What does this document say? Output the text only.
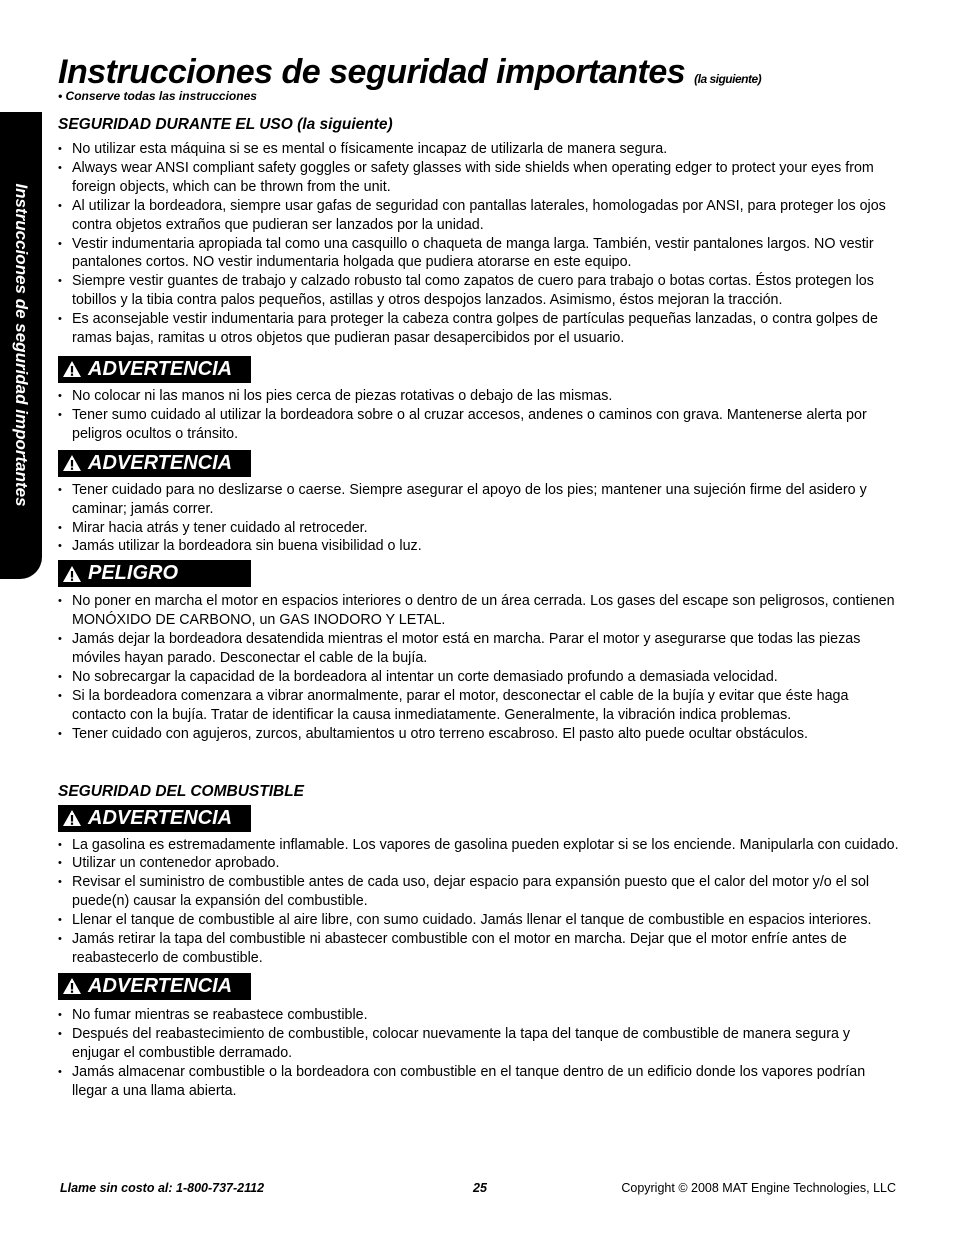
Instrucciones de seguridad importantes
Instrucciones de seguridad importantes (la siguiente)
• Conserve todas las instrucciones
SEGURIDAD DURANTE EL USO (la siguiente)
• No utilizar esta máquina si se es mental o físicamente incapaz de utilizarla de manera segura.
• Always wear ANSI compliant safety goggles or safety glasses with side shields when operating edger to protect your eyes from foreign objects, which can be thrown from the unit.
• Al utilizar la bordeadora, siempre usar gafas de seguridad con pantallas laterales, homologadas por ANSI, para proteger los ojos contra objetos extraños que pudieran ser lanzados por la unidad.
• Vestir indumentaria apropiada tal como una casquillo o chaqueta de manga larga. También, vestir pantalones largos. NO vestir pantalones cortos. NO vestir indumentaria holgada que pudiera atorarse en este equipo.
• Siempre vestir guantes de trabajo y calzado robusto tal como zapatos de cuero para trabajo o botas cortas. Éstos protegen los tobillos y la tibia contra palos pequeños, astillas y otros despojos lanzados. Asimismo, éstos mejoran la tracción.
• Es aconsejable vestir indumentaria para proteger la cabeza contra golpes de partículas pequeñas lanzadas, o contra golpes de ramas bajas, ramitas u otros objetos que pudieran pasar desapercibidos por el usuario.
ADVERTENCIA
• No colocar ni las manos ni los pies cerca de piezas rotativas o debajo de las mismas.
• Tener sumo cuidado al utilizar la bordeadora sobre o al cruzar accesos, andenes o caminos con grava. Mantenerse alerta por peligros ocultos o tránsito.
ADVERTENCIA
• Tener cuidado para no deslizarse o caerse. Siempre asegurar el apoyo de los pies; mantener una sujeción firme del asidero y caminar; jamás correr.
• Mirar hacia atrás y tener cuidado al retroceder.
• Jamás utilizar la bordeadora sin buena visibilidad o luz.
PELIGRO
• No poner en marcha el motor en espacios interiores o dentro de un área cerrada. Los gases del escape son peligrosos, contienen MONÓXIDO DE CARBONO, un GAS INODORO Y LETAL.
• Jamás dejar la bordeadora desatendida mientras el motor está en marcha. Parar el motor y asegurarse que todas las piezas móviles hayan parado. Desconectar el cable de la bujía.
• No sobrecargar la capacidad de la bordeadora al intentar un corte demasiado profundo a demasiada velocidad.
• Si la bordeadora comenzara a vibrar anormalmente, parar el motor, desconectar el cable de la bujía y evitar que éste haga contacto con la bujía. Tratar de identificar la causa inmediatamente. Generalmente, la vibración indica problemas.
• Tener cuidado con agujeros, zurcos, abultamientos u otro terreno escabroso. El pasto alto puede ocultar obstáculos.
SEGURIDAD DEL COMBUSTIBLE
ADVERTENCIA
• La gasolina es estremadamente inflamable. Los vapores de gasolina pueden explotar si se los enciende. Manipularla con cuidado.
• Utilizar un contenedor aprobado.
• Revisar el suministro de combustible antes de cada uso, dejar espacio para expansión puesto que el calor del motor y/o el sol puede(n) causar la expansión del combustible.
• Llenar el tanque de combustible al aire libre, con sumo cuidado. Jamás llenar el tanque de combustible en espacios interiores.
• Jamás retirar la tapa del combustible ni abastecer combustible con el motor en marcha. Dejar que el motor enfríe antes de reabastecerlo de combustible.
ADVERTENCIA
• No fumar mientras se reabastece combustible.
• Después del reabastecimiento de combustible, colocar nuevamente la tapa del tanque de combustible de manera segura y enjugar el combustible derramado.
• Jamás almacenar combustible o la bordeadora con combustible en el tanque dentro de un edificio donde los vapores podrían llegar a una llama abierta.
Llame sin costo al: 1-800-737-2112	25	Copyright © 2008 MAT Engine Technologies, LLC
